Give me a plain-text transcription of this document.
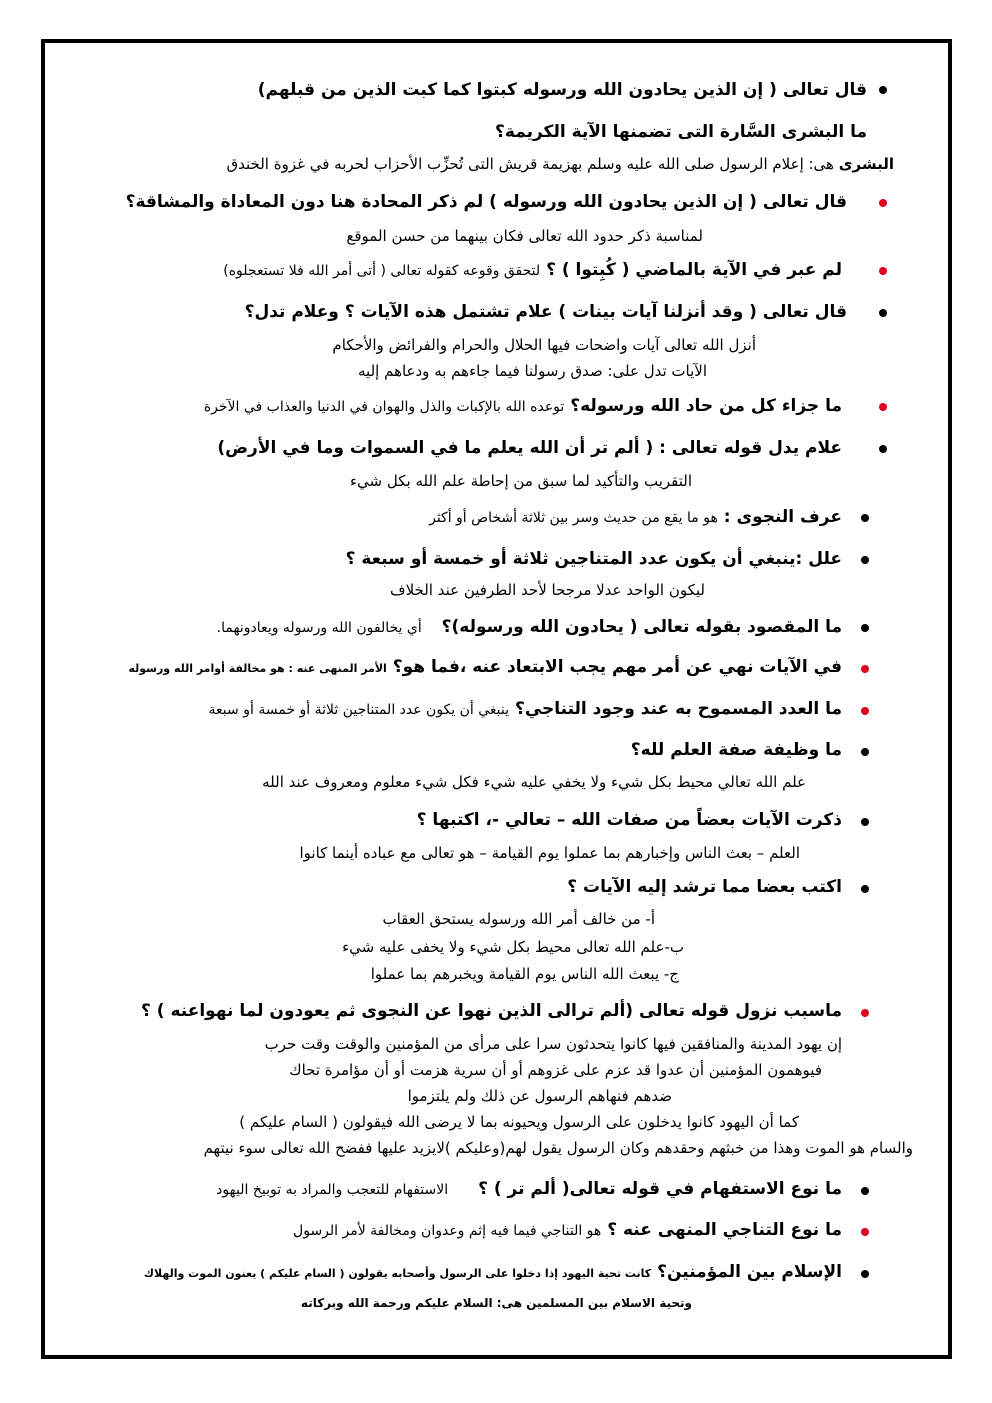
قال تعالى ( إن الذين يحادون الله ورسوله كبتوا كما كبت الذين من قبلهم)
ما البشرى السَّارة التى تضمنها الآية الكريمة؟
البشرى هى: إعلام الرسول صلى الله عليه وسلم بهزيمة قريش التى تُحزِّب الأحزاب لحربه في غزوة الخندق
قال تعالى ( إن الذين يحادون الله ورسوله ) لم ذكر المحادة هنا دون المعاداة والمشاقة؟
لمناسبة ذكر حدود الله تعالى فكان بينهما من حسن الموقع
لم عبر في الآية بالماضي ( كُبِتوا ) ؟ لتحقق وقوعه كقوله تعالى ( أتى أمر الله فلا تستعجلوه)
قال تعالى ( وقد أنزلنا آيات بينات ) علام تشتمل هذه الآيات ؟ وعلام تدل؟
أنزل الله تعالى آيات واضحات فيها الحلال والحرام والفرائض والأحكام
الآيات تدل على: صدق رسولنا فيما جاءهم به ودعاهم إليه
ما جزاء كل من حاد الله ورسوله؟ توعده الله بالإكبات والذل والهوان في الدنيا والعذاب في الآخرة
علام يدل قوله تعالى : ( ألم تر أن الله يعلم ما في السموات وما في الأرض)
التقريب والتأكيد لما سبق من إحاطة علم الله بكل شيء
عرف النجوى : هو ما يقع من حديث وسر بين ثلاثة أشخاص أو أكثر
علل :ينبغي أن يكون عدد المتناجين ثلاثة أو خمسة أو سبعة ؟
ليكون الواحد عدلا مرجحا لأحد الطرفين عند الخلاف
ما المقصود بقوله تعالى ( يحادون الله ورسوله)؟ أي يخالفون الله ورسوله ويعادونهما.
في الآيات نهي عن أمر مهم يجب الابتعاد عنه ،فما هو؟ الأمر المنهى عنه : هو مخالفة أوامر الله ورسوله
ما العدد المسموح به عند وجود التناجي؟ ينبغي أن يكون عدد المتناجين ثلاثة أو خمسة أو سبعة
ما وظيفة صفة العلم لله؟
علم الله تعالي محيط بكل شيء ولا يخفي عليه شيء فكل شيء معلوم ومعروف عند الله
ذكرت الآيات بعضاً من صفات الله – تعالي -، اكتبها ؟
العلم – بعث الناس وإخبارهم بما عملوا يوم القيامة – هو تعالى مع عباده أينما كانوا
اكتب بعضا مما ترشد إليه الآيات ؟
أ- من خالف أمر الله ورسوله يستحق العقاب
ب-علم الله تعالى محيط بكل شيء ولا يخفى عليه شيء
ج- يبعث الله الناس يوم القيامة ويخبرهم بما عملوا
ماسبب نزول قوله تعالى (ألم ترالى الذين نهوا عن النجوى ثم يعودون لما نهواعنه ) ؟
إن يهود المدينة والمنافقين فيها كانوا يتحدثون سرا على مرأى من المؤمنين والوقت وقت حرب
فيوهمون المؤمنين أن عدوا قد عزم على غزوهم أو أن سرية هزمت أو أن مؤامرة تحاك
ضدهم فنهاهم الرسول عن ذلك ولم يلتزموا
كما أن اليهود كانوا يدخلون على الرسول ويحيونه بما لا يرضى الله فيقولون ( السام عليكم )
والسام هو الموت وهذا من خبثهم وحقدهم وكان الرسول يقول لهم(وعليكم )لايزيد عليها ففضح الله تعالى سوء نيتهم
ما نوع الاستفهام في قوله تعالى( ألم تر ) ؟ الاستفهام للتعجب والمراد به توبيخ اليهود
ما نوع التناجي المنهى عنه ؟ هو التناجي فيما فيه إثم وعدوان ومخالفة لأمر الرسول
الإسلام بين المؤمنين؟ كانت تحية اليهود إذا دخلوا على الرسول وأصحابه يقولون ( السام عليكم ) يعنون الموت والهلاك
وتحية الاسلام بين المسلمين هى: السلام عليكم ورحمة الله وبركاته
